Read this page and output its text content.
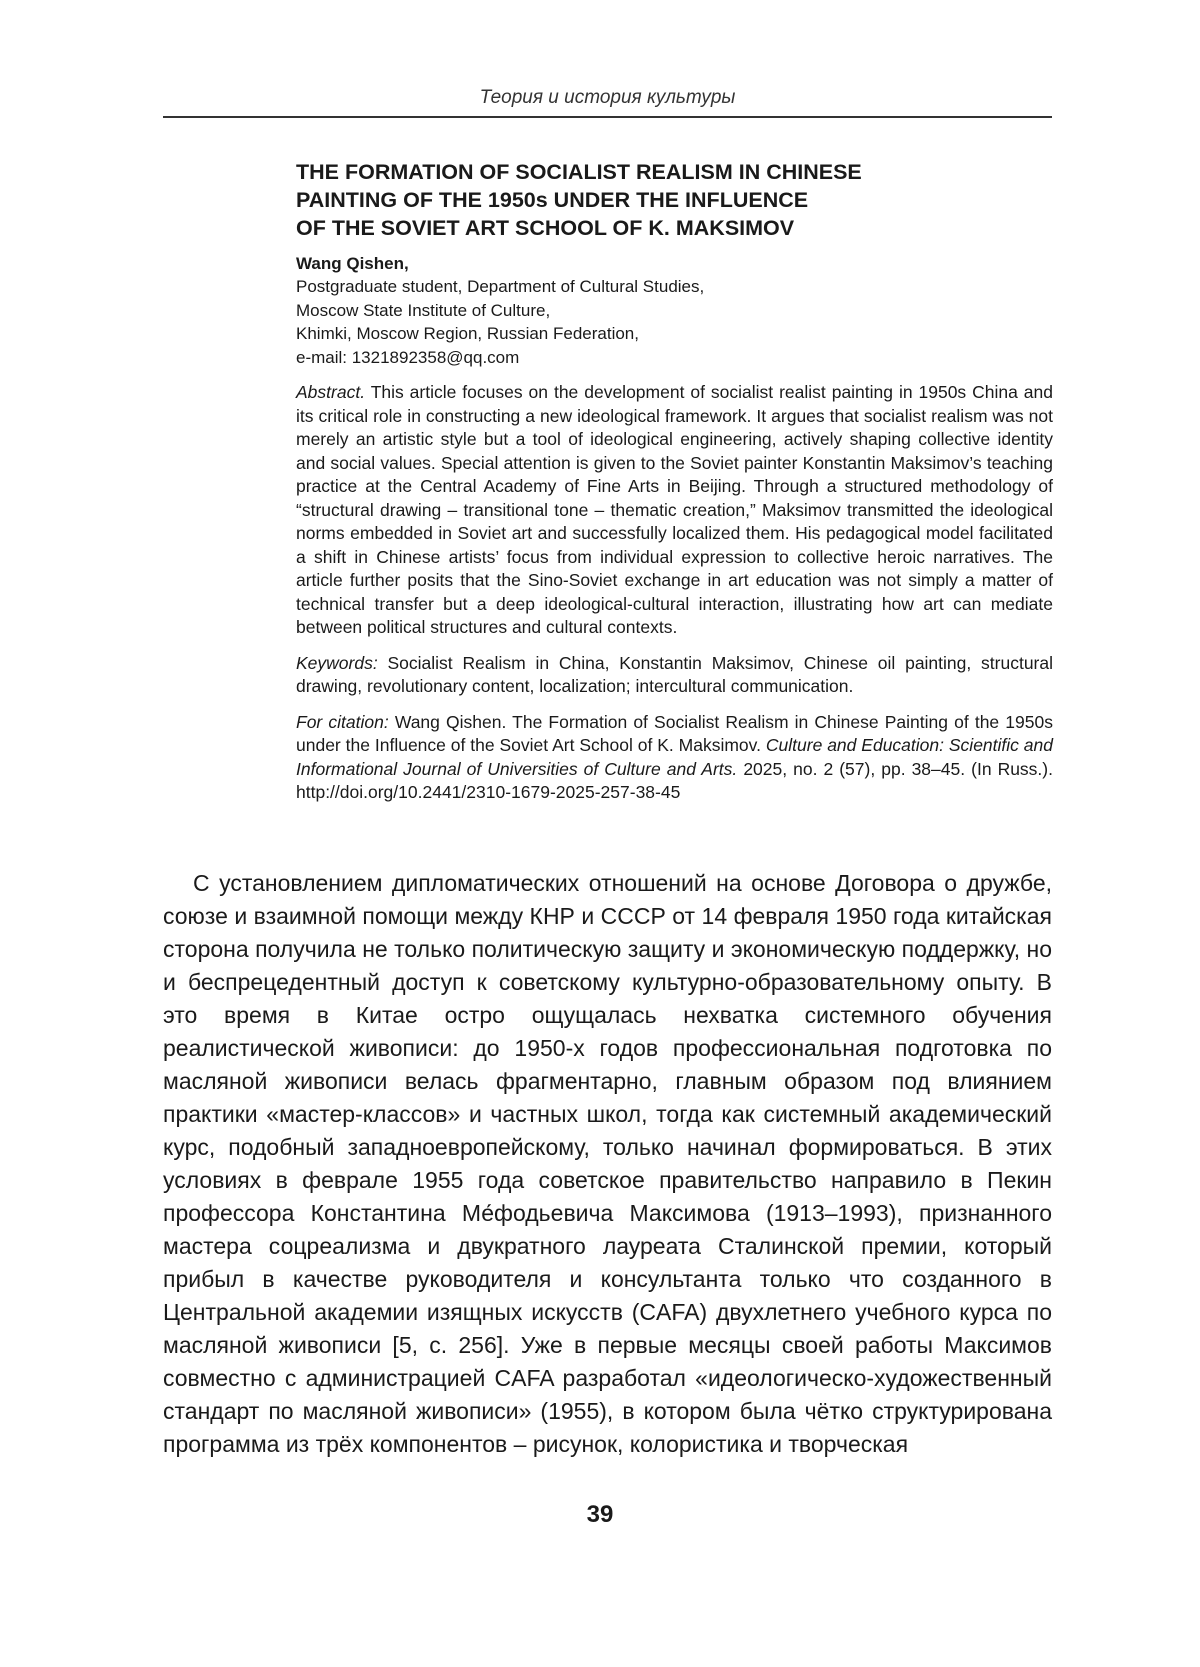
Теория и история культуры
THE FORMATION OF SOCIALIST REALISM IN CHINESE
PAINTING OF THE 1950s UNDER THE INFLUENCE
OF THE SOVIET ART SCHOOL OF K. MAKSIMOV
Wang Qishen,
Postgraduate student, Department of Cultural Studies,
Moscow State Institute of Culture,
Khimki, Moscow Region, Russian Federation,
e-mail: 1321892358@qq.com
Abstract. This article focuses on the development of socialist realist painting in 1950s China and its critical role in constructing a new ideological framework. It argues that socialist realism was not merely an artistic style but a tool of ideological engineering, actively shaping collective identity and social values. Special attention is given to the Soviet painter Konstantin Maksimov’s teaching practice at the Central Academy of Fine Arts in Beijing. Through a structured methodology of “structural drawing – transitional tone – thematic creation,” Maksimov transmitted the ideological norms embedded in Soviet art and successfully localized them. His pedagogical model facilitated a shift in Chinese artists’ focus from individual expression to collective heroic narratives. The article further posits that the Sino-Soviet exchange in art education was not simply a matter of technical transfer but a deep ideological-cultural interaction, illustrating how art can mediate between political structures and cultural contexts.
Keywords: Socialist Realism in China, Konstantin Maksimov, Chinese oil painting, structural drawing, revolutionary content, localization; intercultural communication.
For citation: Wang Qishen. The Formation of Socialist Realism in Chinese Painting of the 1950s under the Influence of the Soviet Art School of K. Maksimov. Culture and Education: Scientific and Informational Journal of Universities of Culture and Arts. 2025, no. 2 (57), pp. 38–45. (In Russ.). http://doi.org/10.2441/2310-1679-2025-257-38-45

С установлением дипломатических отношений на основе Договора о дружбе, союзе и взаимной помощи между КНР и СССР от 14 февраля 1950 года китайская сторона получила не только политическую защиту и экономическую поддержку, но и беспрецедентный доступ к советскому культурно-образовательному опыту. В это время в Китае остро ощущалась нехватка системного обучения реалистической живописи: до 1950-х годов профессиональная подготовка по масляной живописи велась фрагментарно, главным образом под влиянием практики «мастер-классов» и частных школ, тогда как системный академический курс, подобный западноевропейскому, только начинал формироваться. В этих условиях в феврале 1955 года советское правительство направило в Пекин профессора Константина Ме́фодьевича Максимова (1913–1993), признанного мастера соцреализма и двукратного лауреата Сталинской премии, который прибыл в качестве руководителя и консультанта только что созданного в Центральной академии изящных искусств (CAFA) двухлетнего учебного курса по масляной живописи [5, с. 256]. Уже в первые месяцы своей работы Максимов совместно с администрацией CAFA разработал «идеологическо-художественный стандарт по масляной живописи» (1955), в котором была чётко структурирована программа из трёх компонентов – рисунок, колористика и творческая

39
